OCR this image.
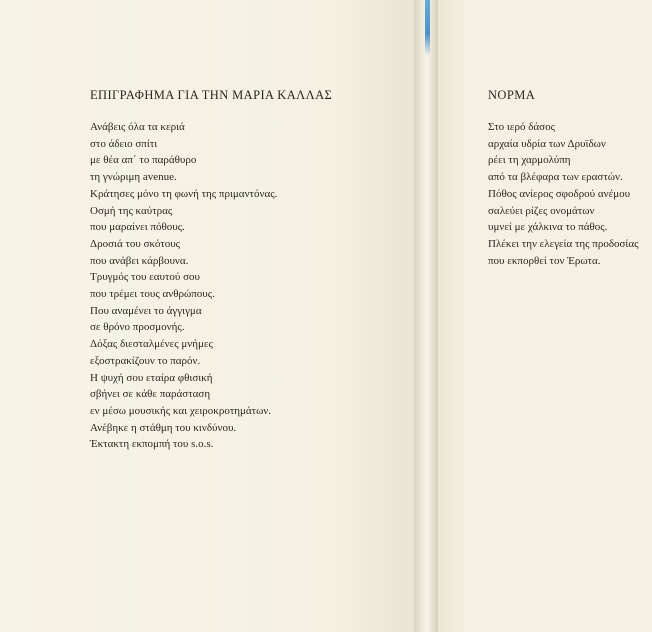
ΕΠΙΓΡΑΦΗΜΑ ΓΙΑ ΤΗΝ ΜΑΡΙΑ ΚΑΛΛΑΣ
Ανάβεις όλα τα κεριά
στο άδειο σπίτι
με θέα απ΄ το παράθυρο
τη γνώριμη avenue.
Κράτησες μόνο τη φωνή της πριμαντόνας.
Οσμή της καύτρας
που μαραίνει πόθους.
Δροσιά του σκότους
που ανάβει κάρβουνα.
Τρυγμός του εαυτού σου
που τρέμει τους ανθρώπους.
Που αναμένει το άγγιγμα
σε θρόνο προσμονής.
Δόξας διεσταλμένες μνήμες
εξοστρακίζουν το παρόν.
Η ψυχή σου εταίρα φθισική
σβήνει σε κάθε παράσταση
εν μέσω μουσικής και χειροκροτημάτων.
Ανέβηκε η στάθμη του κινδύνου.
Έκτακτη εκπομπή του s.o.s.
ΝΟΡΜΑ
Στο ιερό δάσος
αρχαία υδρία των Δρυϊδων
ρέει τη χαρμολύπη
από τα βλέφαρα των εραστών.
Πόθος ανίερος σφοδρού ανέμου
σαλεύει ρίζες ονομάτων
υμνεί με χάλκινα το πάθος.
Πλέκει την ελεγεία της προδοσίας
που εκπορθεί τον Έρωτα.
